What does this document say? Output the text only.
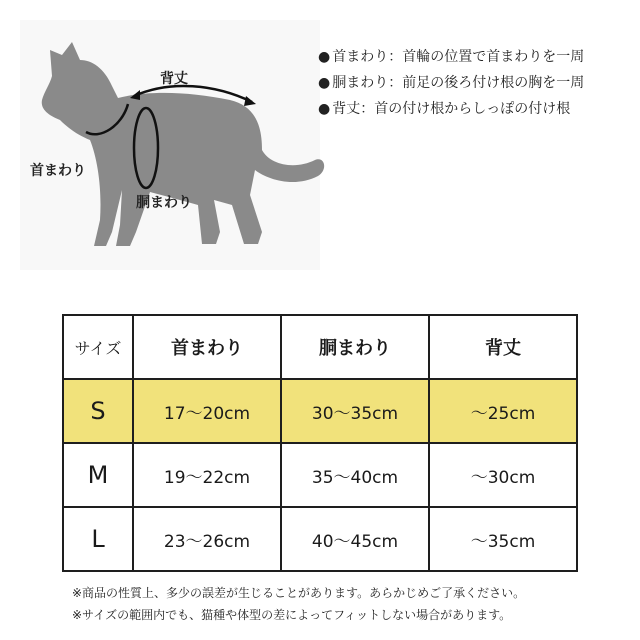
背丈
首まわり
胴まわり
● 首まわり：首輪の位置で首まわりを一周
● 胴まわり：前足の後ろ付け根の胸を一周
● 背丈：首の付け根からしっぽの付け根
サイズ	首まわり	胴まわり	背丈
S	17〜20cm	30〜35cm	〜25cm
M	19〜22cm	35〜40cm	〜30cm
L	23〜26cm	40〜45cm	〜35cm
※商品の性質上、多少の誤差が生じることがあります。あらかじめご了承ください。
※サイズの範囲内でも、猫種や体型の差によってフィットしない場合があります。
